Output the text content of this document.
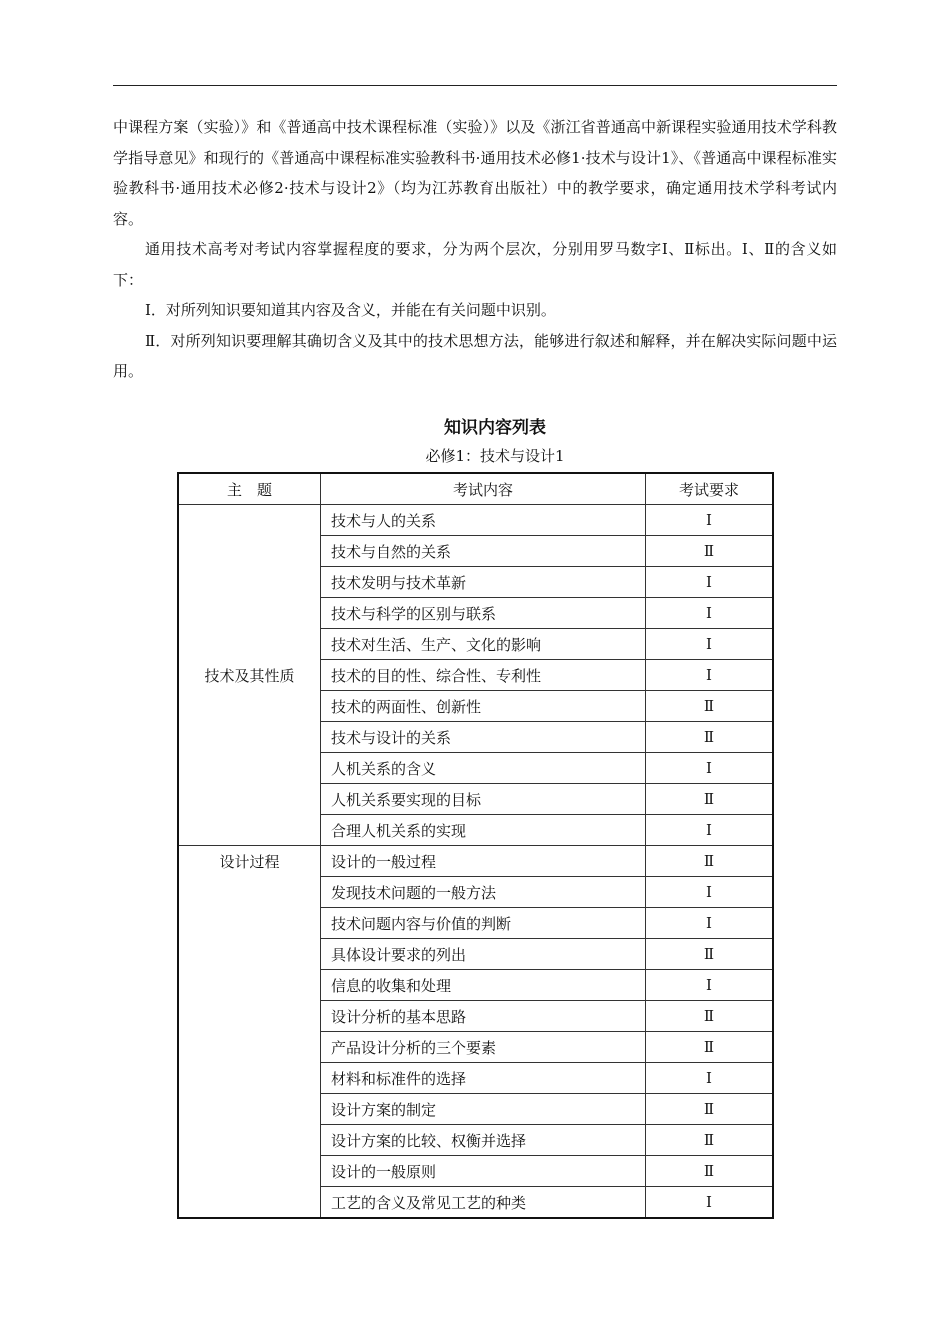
中课程方案（实验）》和《普通高中技术课程标准（实验）》以及《浙江省普通高中新课程实验通用技术学科教学指导意见》和现行的《普通高中课程标准实验教科书·通用技术必修1·技术与设计1》、《普通高中课程标准实验教科书·通用技术必修2·技术与设计2》（均为江苏教育出版社）中的教学要求，确定通用技术学科考试内容。

通用技术高考对考试内容掌握程度的要求，分为两个层次，分别用罗马数字Ⅰ、Ⅱ标出。Ⅰ、Ⅱ的含义如下：

Ⅰ．对所列知识要知道其内容及含义，并能在有关问题中识别。

Ⅱ．对所列知识要理解其确切含义及其中的技术思想方法，能够进行叙述和解释，并在解决实际问题中运用。

知识内容列表
必修1：技术与设计1
主　题	考试内容	考试要求
技术及其性质	技术与人的关系	Ⅰ
	技术与自然的关系	Ⅱ
	技术发明与技术革新	Ⅰ
	技术与科学的区别与联系	Ⅰ
	技术对生活、生产、文化的影响	Ⅰ
	技术的目的性、综合性、专利性	Ⅰ
	技术的两面性、创新性	Ⅱ
	技术与设计的关系	Ⅱ
	人机关系的含义	Ⅰ
	人机关系要实现的目标	Ⅱ
	合理人机关系的实现	Ⅰ
设计过程	设计的一般过程	Ⅱ
	发现技术问题的一般方法	Ⅰ
	技术问题内容与价值的判断	Ⅰ
	具体设计要求的列出	Ⅱ
	信息的收集和处理	Ⅰ
	设计分析的基本思路	Ⅱ
	产品设计分析的三个要素	Ⅱ
	材料和标准件的选择	Ⅰ
	设计方案的制定	Ⅱ
	设计方案的比较、权衡并选择	Ⅱ
	设计的一般原则	Ⅱ
	工艺的含义及常见工艺的种类	Ⅰ
